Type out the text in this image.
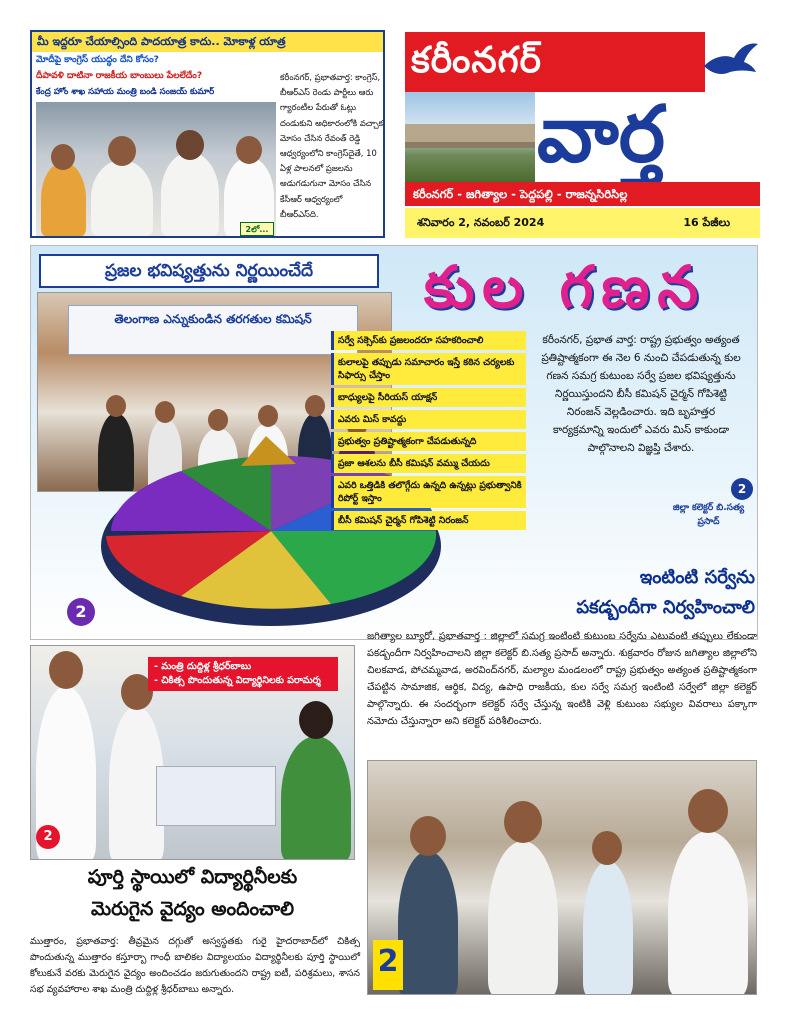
మీ ఇద్దరూ చేయాల్సింది పాదయాత్ర కాదు.. మోకాళ్ల యాత్ర
మోదీపై కాంగ్రెస్ యుద్ధం దేని కోసం?
దీపావళి దాటినా రాజకీయ బాంబులు పేలలేదేం?
కేంద్ర హోం శాఖ సహాయ మంత్రి బండి సంజయ్ కుమార్
కరీంనగర్, ప్రభాతవార్త: కాంగ్రెస్, బీఆర్ఎస్ రెండు పార్టీలు ఆరు గ్యారంటీల పేరుతో ఓట్లు దండుకుని అధికారంలోకి వచ్చాక మోసం చేసిన రేవంత్ రెడ్డి ఆధ్వర్యంలోని కాంగ్రెస్‌దైతే, 10 ఏళ్ల పాలనలో ప్రజలను అడుగడుగునా మోసం చేసిన కేసీఆర్ ఆధ్వర్యంలో బీఆర్ఎస్‌ది.
2లో...
కరీంనగర్
వార్త
కరీంనగర్ - జగిత్యాల - పెద్దపల్లి - రాజన్నసిరిసిల్ల
శనివారం 2, నవంబర్ 2024	16 పేజీలు
తెలంగాణ ఎన్నుకుండిన తరగతుల కమిషన్
ప్రజల భవిష్యత్తును నిర్ణయించేదే	కుల గణన
సర్వే సక్సెస్‌కు ప్రజలందరూ సహకరించాలి
కులాలపై తప్పుడు సమాచారం ఇస్తే కఠిన చర్యలకు సిఫార్సు చేస్తాం
బాధ్యులపై సీరియస్ యాక్షన్
ఎవరు మిస్ కావద్దు
ప్రభుత్వం ప్రతిష్టాత్మకంగా చేపడుతున్నది
ప్రజా ఆశలను బీసీ కమిషన్ వమ్ము చేయదు
ఎవరి ఒత్తిడికి తలొగ్గేదు ఉన్నది ఉన్నట్లు ప్రభుత్వానికి రిపోర్ట్ ఇస్తాం
బీసీ కమిషన్ చైర్మన్ గోపిశెట్టి నిరంజన్
కరీంనగర్, ప్రభాత వార్త: రాష్ట్ర ప్రభుత్వం అత్యంత ప్రతిష్టాత్మకంగా ఈ నెల 6 నుంచి చేపడుతున్న కుల గణన సమగ్ర కుటుంబ సర్వే ప్రజల భవిష్యత్తును నిర్ణయిస్తుందని బీసీ కమిషన్ చైర్మన్ గోపిశెట్టి నిరంజన్ వెల్లడించారు. ఇది బృహత్తర కార్యక్రమాన్ని ఇందులో ఎవరు మిస్ కాకుండా పాల్గొనాలని విజ్ఞప్తి చేశారు.
2
జిల్లా కలెక్టర్ బి.సత్య ప్రసాద్
2
ఇంటింటి సర్వేను
పకడ్బందీగా నిర్వహించాలి
జగిత్యాల బ్యూరో, ప్రభాతవార్త : జిల్లాలో సమగ్ర ఇంటింటి కుటుంబ సర్వేను ఎటువంటి తప్పులు లేకుండా పకడ్బందీగా నిర్వహించాలని జిల్లా కలెక్టర్ బి.సత్య ప్రసాద్ అన్నారు. శుక్రవారం రోజున జగిత్యాల జిల్లాలోని చిలకవాడ, పోచమ్మవాడ, అరవింద్‌నగర్, మల్యాల మండలంలో రాష్ట్ర ప్రభుత్వం అత్యంత ప్రతిష్టాత్మకంగా చేపట్టిన సామాజిక, ఆర్థిక, విద్య, ఉపాధి రాజకీయ, కుల సర్వే సమగ్ర ఇంటింటి సర్వేలో జిల్లా కలెక్టర్ పాల్గొన్నారు. ఈ సందర్భంగా కలెక్టర్ సర్వే చేస్తున్న ఇంటికి వెళ్లి కుటుంబ సభ్యుల వివరాలు పక్కాగా నమోదు చేస్తున్నారా అని కలెక్టర్ పరిశీలించారు.
2
- మంత్రి దుద్దిళ్ల శ్రీధర్‌బాబు
- చికిత్స పొందుతున్న విద్యార్థినిలకు పరామర్శ
2
పూర్తి స్థాయిలో విద్యార్థినీలకు
మెరుగైన వైద్యం అందించాలి
ముత్తారం, ప్రభాతవార్త: తీవ్రమైన దగ్గుతో అస్వస్థతకు గురై హైదరాబాద్‌లో చికిత్స పొందుతున్న ముత్తారం కస్తూర్బా గాంధీ బాలికల విద్యాలయం విద్యార్థినీలకు పూర్తి స్థాయిలో కోలుకునే వరకు మెరుగైన వైద్యం అందించడం జరుగుతుందని రాష్ట్ర ఐటీ, పరిశ్రమలు, శాసన సభ వ్యవహారాల శాఖ మంత్రి దుద్దిళ్ల శ్రీధర్‌బాబు అన్నారు.
